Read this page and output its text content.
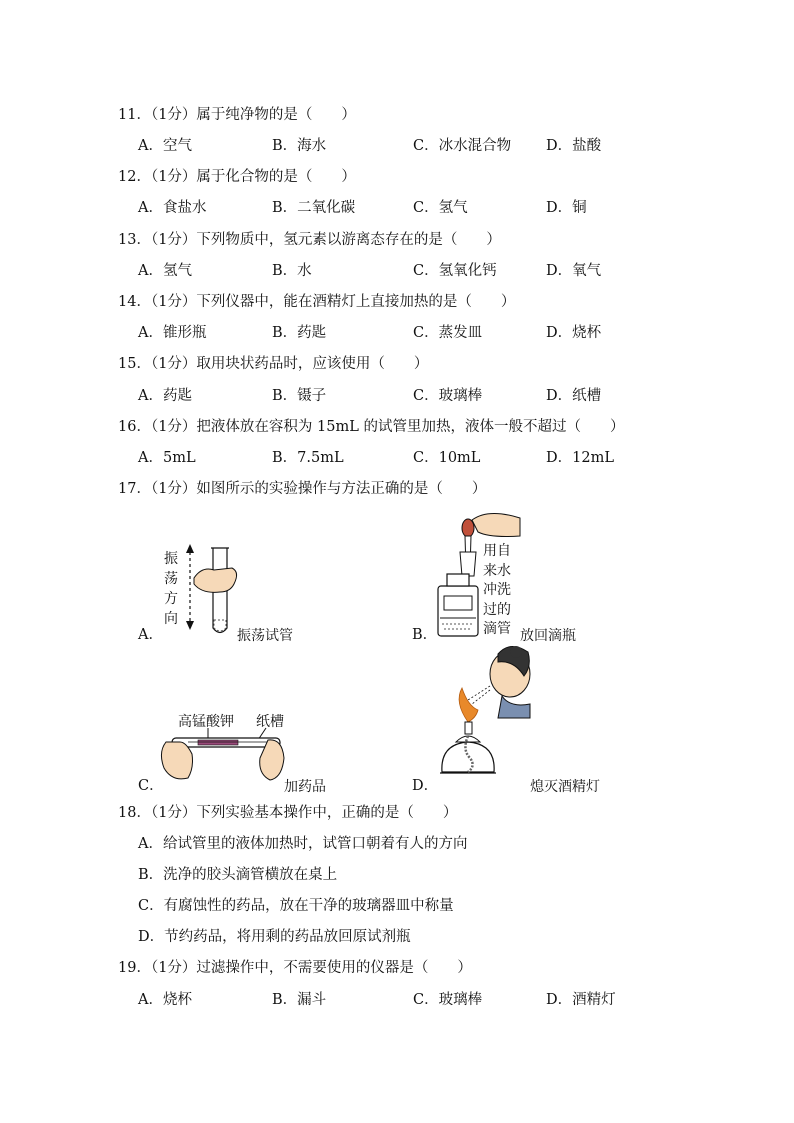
11．（1分）属于纯净物的是（　　）
A．空气	B．海水	C．冰水混合物 D．盐酸
12．（1分）属于化合物的是（　　）
A．食盐水	B．二氧化碳	C．氢气	D．铜
13．（1分）下列物质中，氢元素以游离态存在的是（　　）
A．氢气	B．水	C．氢氧化钙	D．氧气
14．（1分）下列仪器中，能在酒精灯上直接加热的是（　　）
A．锥形瓶	B．药匙	C．蒸发皿	D．烧杯
15．（1分）取用块状药品时，应该使用（　　）
A．药匙	B．镊子	C．玻璃棒	D．纸槽
16．（1分）把液体放在容积为 15mL 的试管里加热，液体一般不超过（　　）
A．5mL	B．7.5mL	C．10mL	D．12mL
17．（1分）如图所示的实验操作与方法正确的是（　　）
A．
振
荡
方
向
振荡试管	B．
用自
来水
冲洗
过的
滴管 放回滴瓶
C．
高锰酸钾 纸槽
加药品	D．	熄灭酒精灯
18．（1分）下列实验基本操作中，正确的是（　　）
A．给试管里的液体加热时，试管口朝着有人的方向
B．洗净的胶头滴管横放在桌上
C．有腐蚀性的药品，放在干净的玻璃器皿中称量
D．节约药品，将用剩的药品放回原试剂瓶
19．（1分）过滤操作中，不需要使用的仪器是（　　）
A．烧杯	B．漏斗	C．玻璃棒	D．酒精灯
